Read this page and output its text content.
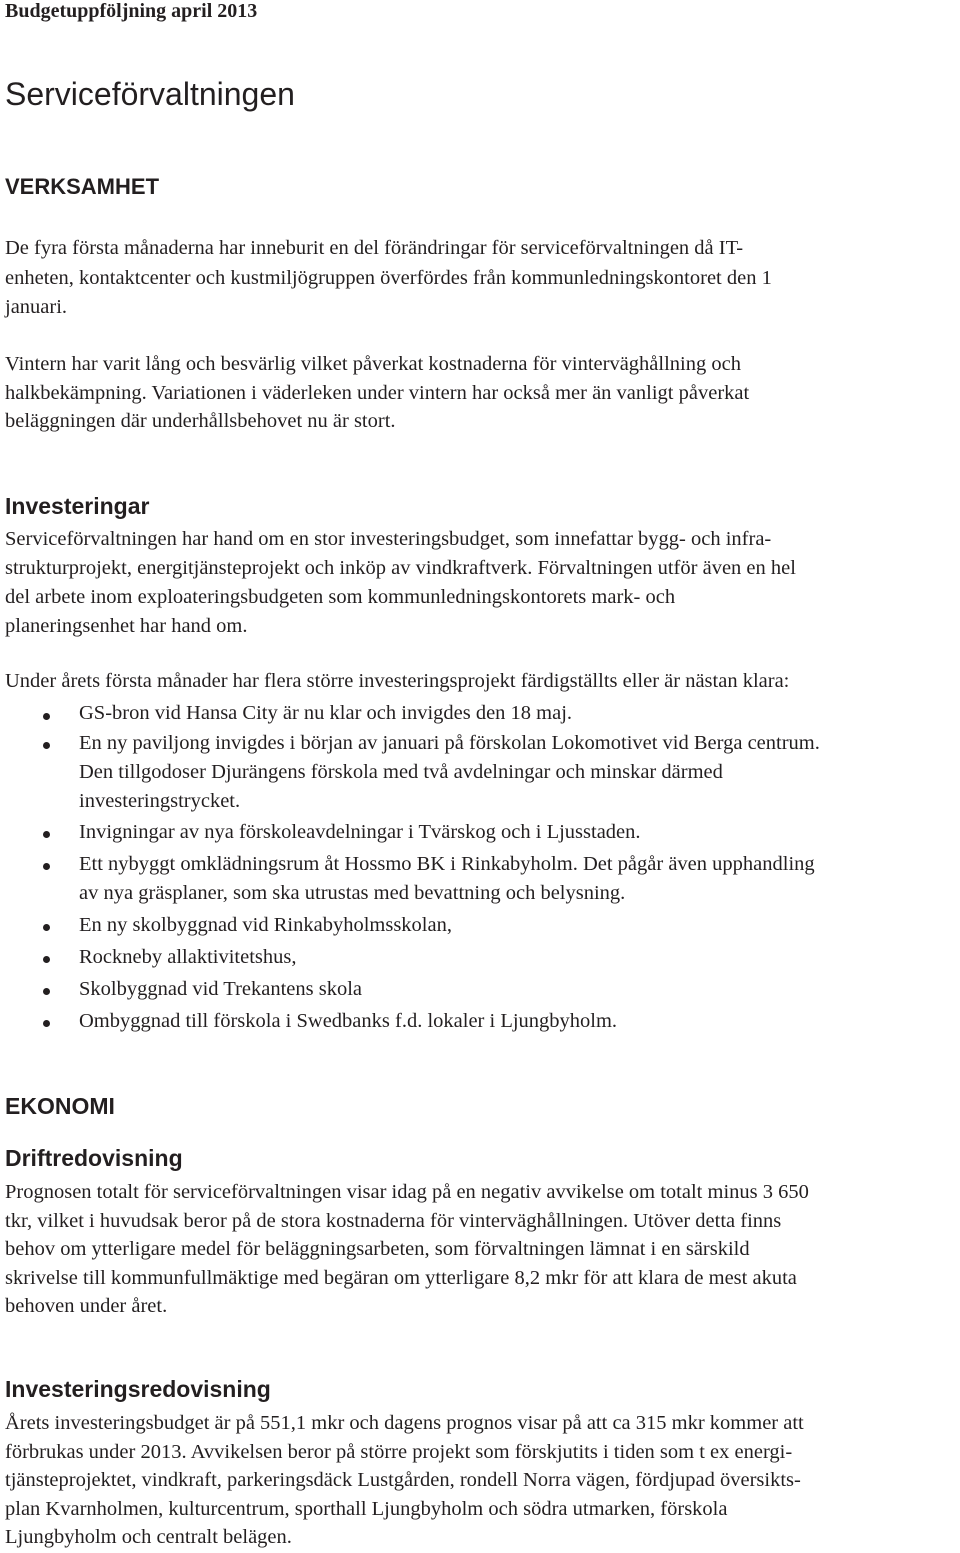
Budgetuppföljning april 2013
Serviceförvaltningen
VERKSAMHET
De fyra första månaderna har inneburit en del förändringar för serviceförvaltningen då IT-
enheten, kontaktcenter och kustmiljögruppen överfördes från kommunledningskontoret den 1
januari.
Vintern har varit lång och besvärlig vilket påverkat kostnaderna för vinterväghållning och
halkbekämpning. Variationen i väderleken under vintern har också mer än vanligt påverkat
beläggningen där underhållsbehovet nu är stort.
Investeringar
Serviceförvaltningen har hand om en stor investeringsbudget, som innefattar bygg- och infra-
strukturprojekt, energitjänsteprojekt och inköp av vindkraftverk. Förvaltningen utför även en hel
del arbete inom exploateringsbudgeten som kommunledningskontorets mark- och
planeringsenhet har hand om.
Under årets första månader har flera större investeringsprojekt färdigställts eller är nästan klara:
GS-bron vid Hansa City är nu klar och invigdes den 18 maj.
En ny paviljong invigdes i början av januari på förskolan Lokomotivet vid Berga centrum.
Den tillgodoser Djurängens förskola med två avdelningar och minskar därmed
investeringstrycket.
Invigningar av nya förskoleavdelningar i Tvärskog och i Ljusstaden.
Ett nybyggt omklädningsrum åt Hossmo BK i Rinkabyholm. Det pågår även upphandling
av nya gräsplaner, som ska utrustas med bevattning och belysning.
En ny skolbyggnad vid Rinkabyholmsskolan,
Rockneby allaktivitetshus,
Skolbyggnad vid Trekantens skola
Ombyggnad till förskola i Swedbanks f.d. lokaler i Ljungbyholm.
EKONOMI
Driftredovisning
Prognosen totalt för serviceförvaltningen visar idag på en negativ avvikelse om totalt minus 3 650
tkr, vilket i huvudsak beror på de stora kostnaderna för vinterväghållningen. Utöver detta finns
behov om ytterligare medel för beläggningsarbeten, som förvaltningen lämnat i en särskild
skrivelse till kommunfullmäktige med begäran om ytterligare 8,2 mkr för att klara de mest akuta
behoven under året.
Investeringsredovisning
Årets investeringsbudget är på 551,1 mkr och dagens prognos visar på att ca 315 mkr kommer att
förbrukas under 2013. Avvikelsen beror på större projekt som förskjutits i tiden som t ex energi-
tjänsteprojektet, vindkraft, parkeringsdäck Lustgården, rondell Norra vägen, fördjupad översikts-
plan Kvarnholmen, kulturcentrum, sporthall Ljungbyholm och södra utmarken, förskola
Ljungbyholm och centralt belägen.
